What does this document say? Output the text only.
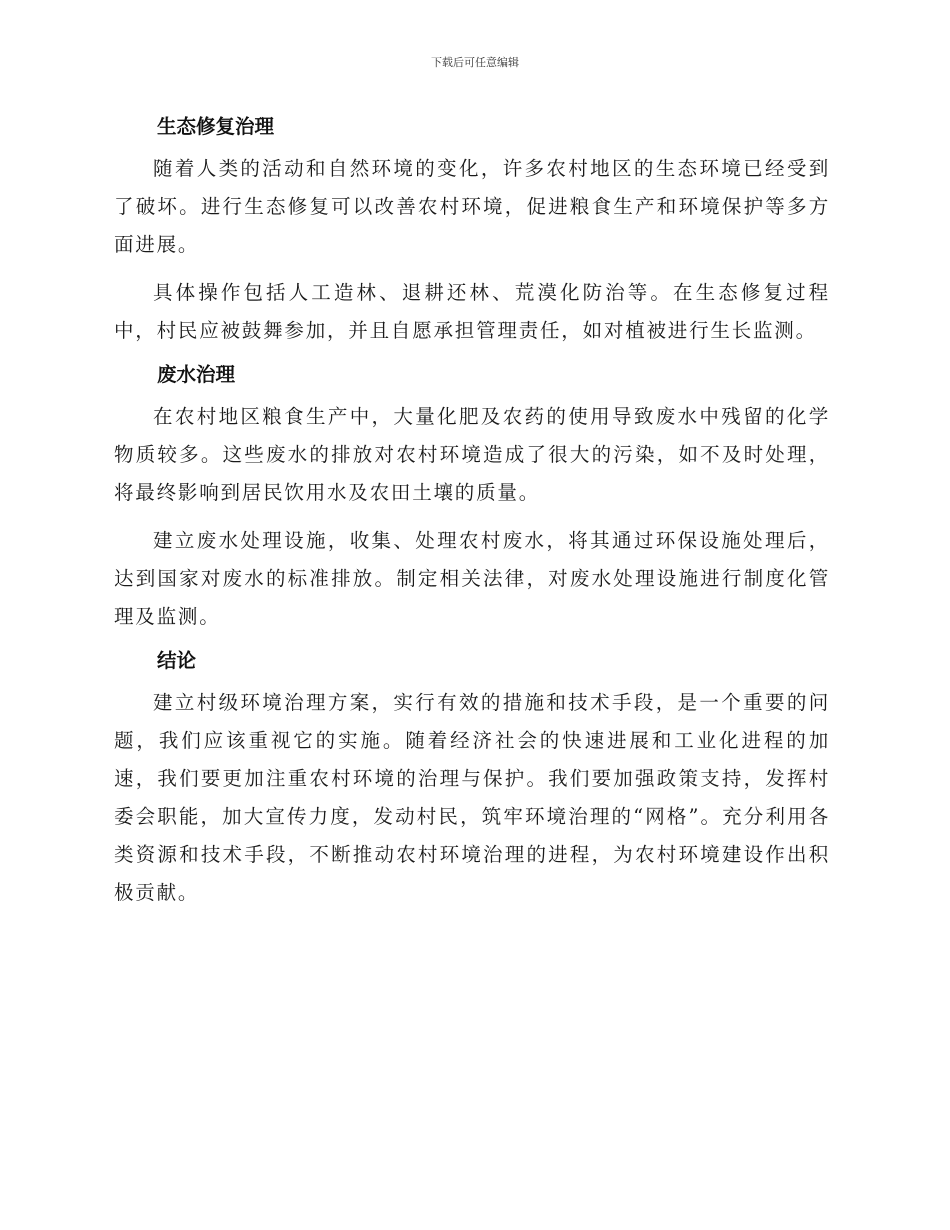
下载后可任意编辑
生态修复治理

随着人类的活动和自然环境的变化，许多农村地区的生态环境已经受到了破坏。进行生态修复可以改善农村环境，促进粮食生产和环境保护等多方面进展。

具体操作包括人工造林、退耕还林、荒漠化防治等。在生态修复过程中，村民应被鼓舞参加，并且自愿承担管理责任，如对植被进行生长监测。

废水治理

在农村地区粮食生产中，大量化肥及农药的使用导致废水中残留的化学物质较多。这些废水的排放对农村环境造成了很大的污染，如不及时处理，将最终影响到居民饮用水及农田土壤的质量。

建立废水处理设施，收集、处理农村废水，将其通过环保设施处理后，达到国家对废水的标准排放。制定相关法律，对废水处理设施进行制度化管理及监测。

结论

建立村级环境治理方案，实行有效的措施和技术手段，是一个重要的问题，我们应该重视它的实施。随着经济社会的快速进展和工业化进程的加速，我们要更加注重农村环境的治理与保护。我们要加强政策支持，发挥村委会职能，加大宣传力度，发动村民，筑牢环境治理的“网格”。充分利用各类资源和技术手段，不断推动农村环境治理的进程，为农村环境建设作出积极贡献。
